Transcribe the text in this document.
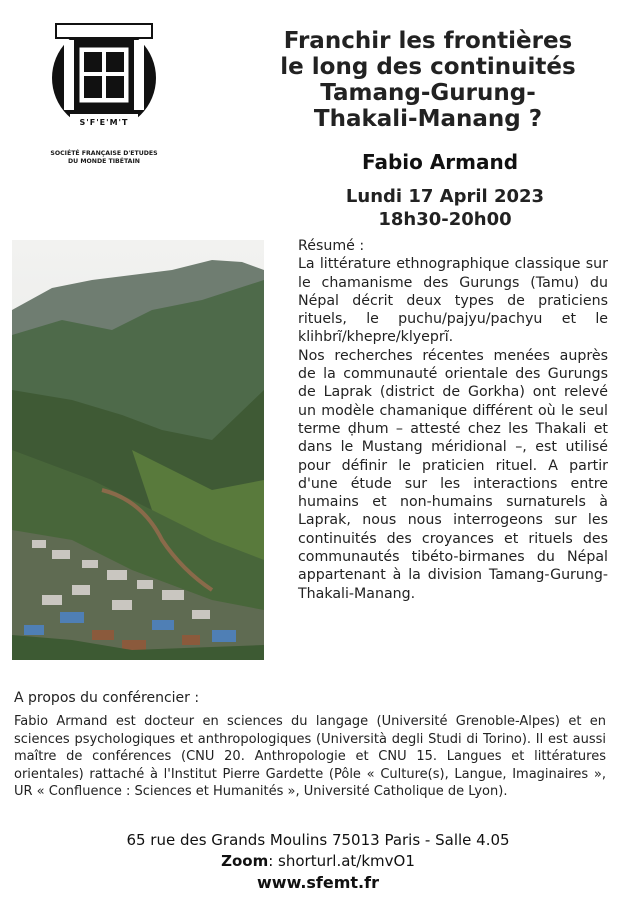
S'F'E'M'T
SOCIÉTÉ FRANÇAISE D'ETUDES
DU MONDE TIBÉTAIN
Franchir les frontières
le long des continuités
Tamang-Gurung-
Thakali-Manang ?
Fabio Armand
Lundi 17 April 2023
18h30-20h00
Résumé :
La littérature ethnographique classique sur le chamanisme des Gurungs (Tamu) du Népal décrit deux types de praticiens rituels, le puchu/pajyu/pachyu et le klihbrĩ/khepre/klyeprĩ.
Nos recherches récentes menées auprès de la communauté orientale des Gurungs de Laprak (district de Gorkha) ont relevé un modèle chamanique différent où le seul terme ḍhum – attesté chez les Thakali et dans le Mustang méridional –, est utilisé pour définir le praticien rituel. A partir d'une étude sur les interactions entre humains et non-humains surnaturels à Laprak, nous nous interrogeons sur les continuités des croyances et rituels des communautés tibéto-birmanes du Népal appartenant à la division Tamang-Gurung-Thakali-Manang.
A propos du conférencier :
Fabio Armand est docteur en sciences du langage (Université Grenoble-Alpes) et en sciences psychologiques et anthropologiques (Università degli Studi di Torino). Il est aussi maître de conférences (CNU 20. Anthropologie et CNU 15. Langues et littératures orientales) rattaché à l'Institut Pierre Gardette (Pôle « Culture(s), Langue, Imaginaires », UR « Confluence : Sciences et Humanités », Université Catholique de Lyon).
65 rue des Grands Moulins 75013 Paris - Salle 4.05
Zoom: shorturl.at/kmvO1
www.sfemt.fr
